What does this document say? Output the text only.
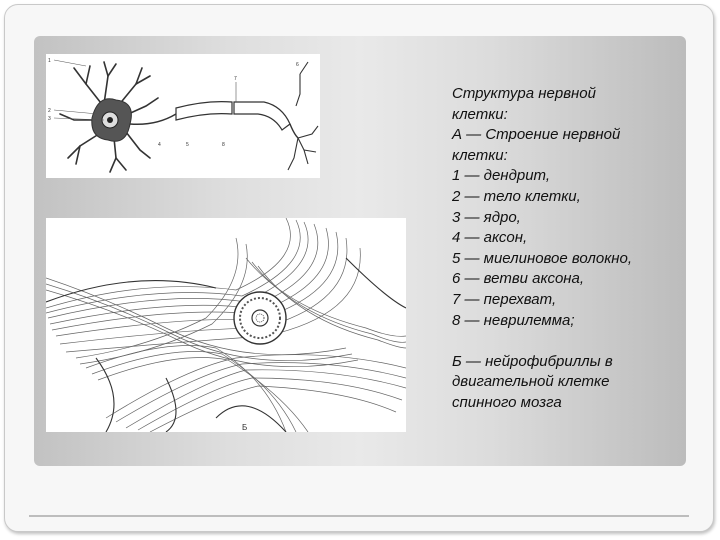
1
2
3
4	5
6
7
8
Б
Структура нервной
клетки:
А — Строение нервной
клетки:
1 — дендрит,
2 — тело клетки,
3 — ядро,
4 — аксон,
5 — миелиновое волокно,
6 — ветви аксона,
7 — перехват,
8 — неврилемма;
Б — нейрофибриллы в
двигательной клетке
спинного мозга
